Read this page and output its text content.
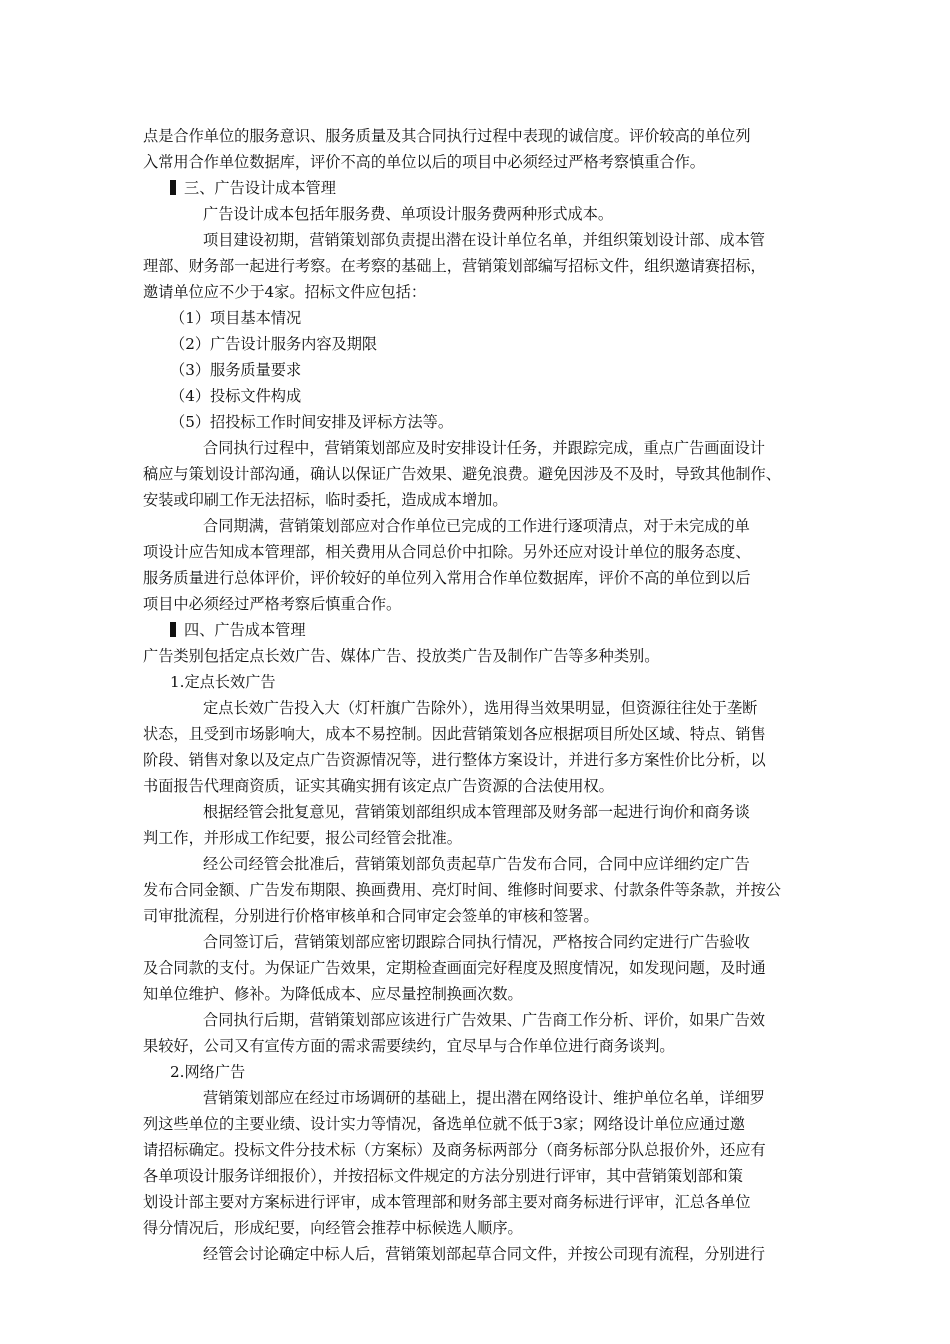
点是合作单位的服务意识、服务质量及其合同执行过程中表现的诚信度。评价较高的单位列
入常用合作单位数据库，评价不高的单位以后的项目中必须经过严格考察慎重合作。
三、广告设计成本管理
广告设计成本包括年服务费、单项设计服务费两种形式成本。
项目建设初期，营销策划部负责提出潜在设计单位名单，并组织策划设计部、成本管
理部、财务部一起进行考察。在考察的基础上，营销策划部编写招标文件，组织邀请赛招标，
邀请单位应不少于4家。招标文件应包括：
（1）项目基本情况
（2）广告设计服务内容及期限
（3）服务质量要求
（4）投标文件构成
（5）招投标工作时间安排及评标方法等。
合同执行过程中，营销策划部应及时安排设计任务，并跟踪完成，重点广告画面设计
稿应与策划设计部沟通，确认以保证广告效果、避免浪费。避免因涉及不及时，导致其他制作、
安装或印刷工作无法招标，临时委托，造成成本增加。
合同期满，营销策划部应对合作单位已完成的工作进行逐项清点，对于未完成的单
项设计应告知成本管理部，相关费用从合同总价中扣除。另外还应对设计单位的服务态度、
服务质量进行总体评价，评价较好的单位列入常用合作单位数据库，评价不高的单位到以后
项目中必须经过严格考察后慎重合作。
四、广告成本管理
广告类别包括定点长效广告、媒体广告、投放类广告及制作广告等多种类别。
1.定点长效广告
定点长效广告投入大（灯杆旗广告除外），选用得当效果明显，但资源往往处于垄断
状态，且受到市场影响大，成本不易控制。因此营销策划各应根据项目所处区域、特点、销售
阶段、销售对象以及定点广告资源情况等，进行整体方案设计，并进行多方案性价比分析，以
书面报告代理商资质，证实其确实拥有该定点广告资源的合法使用权。
根据经管会批复意见，营销策划部组织成本管理部及财务部一起进行询价和商务谈
判工作，并形成工作纪要，报公司经管会批准。
经公司经管会批准后，营销策划部负责起草广告发布合同，合同中应详细约定广告
发布合同金额、广告发布期限、换画费用、亮灯时间、维修时间要求、付款条件等条款，并按公
司审批流程，分别进行价格审核单和合同审定会签单的审核和签署。
合同签订后，营销策划部应密切跟踪合同执行情况，严格按合同约定进行广告验收
及合同款的支付。为保证广告效果，定期检查画面完好程度及照度情况，如发现问题，及时通
知单位维护、修补。为降低成本、应尽量控制换画次数。
合同执行后期，营销策划部应该进行广告效果、广告商工作分析、评价，如果广告效
果较好，公司又有宣传方面的需求需要续约，宜尽早与合作单位进行商务谈判。
2.网络广告
营销策划部应在经过市场调研的基础上，提出潜在网络设计、维护单位名单，详细罗
列这些单位的主要业绩、设计实力等情况，备选单位就不低于3家；网络设计单位应通过邀
请招标确定。投标文件分技术标（方案标）及商务标两部分（商务标部分队总报价外，还应有
各单项设计服务详细报价），并按招标文件规定的方法分别进行评审，其中营销策划部和策
划设计部主要对方案标进行评审，成本管理部和财务部主要对商务标进行评审，汇总各单位
得分情况后，形成纪要，向经管会推荐中标候选人顺序。
经管会讨论确定中标人后，营销策划部起草合同文件，并按公司现有流程，分别进行
